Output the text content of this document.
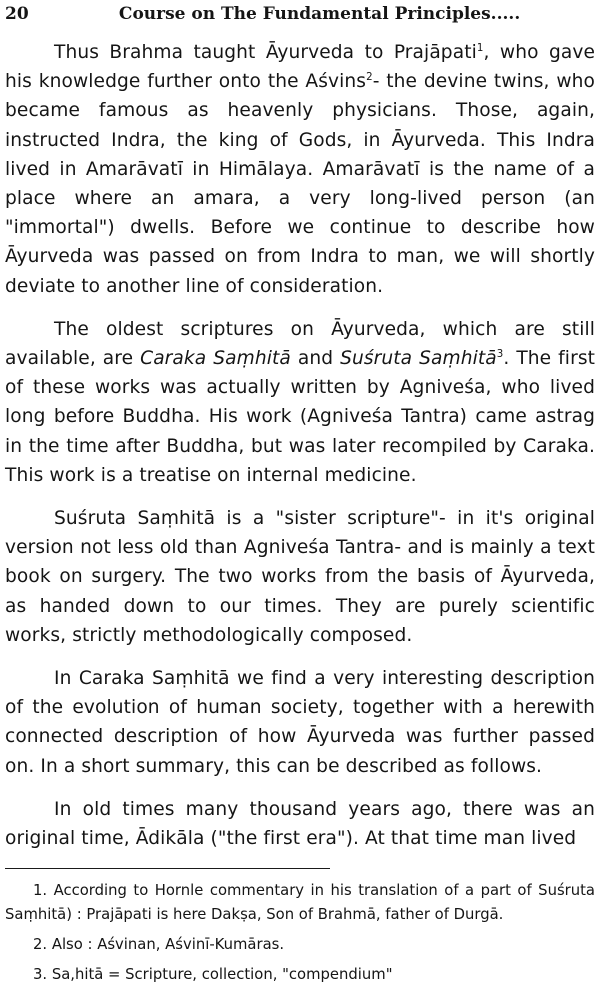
20	Course on The Fundamental Principles.....

Thus Brahma taught Āyurveda to Prajāpati$^1$, who gave his knowledge further onto the Aśvins$^2$- the devine twins, who became famous as heavenly physicians. Those, again, instructed Indra, the king of Gods, in Āyurveda. This Indra lived in Amarāvatī in Himālaya. Amarāvatī is the name of a place where an amara, a very long-lived person (an "immortal") dwells. Before we continue to describe how Āyurveda was passed on from Indra to man, we will shortly deviate to another line of consideration.

The oldest scriptures on Āyurveda, which are still available, are Caraka Saṃhitā and Suśruta Saṃhitā$^3$. The first of these works was actually written by Agniveśa, who lived long before Buddha. His work (Agniveśa Tantra) came astrag in the time after Buddha, but was later recompiled by Caraka. This work is a treatise on internal medicine.

Suśruta Saṃhitā is a "sister scripture"- in it's original version not less old than Agniveśa Tantra- and is mainly a text book on surgery. The two works from the basis of Āyurveda, as handed down to our times. They are purely scientific works, strictly methodologically composed.

In Caraka Saṃhitā we find a very interesting description of the evolution of human society, together with a herewith connected description of how Āyurveda was further passed on. In a short summary, this can be described as follows.

In old times many thousand years ago, there was an original time, Ādikāla ("the first era"). At that time man lived

1. According to Hornle commentary in his translation of a part of Suśruta Saṃhitā) : Prajāpati is here Dakṣa, Son of Brahmā, father of Durgā.

2. Also : Aśvinan, Aśvinī-Kumāras.

3. Sa,hitā = Scripture, collection, "compendium"
